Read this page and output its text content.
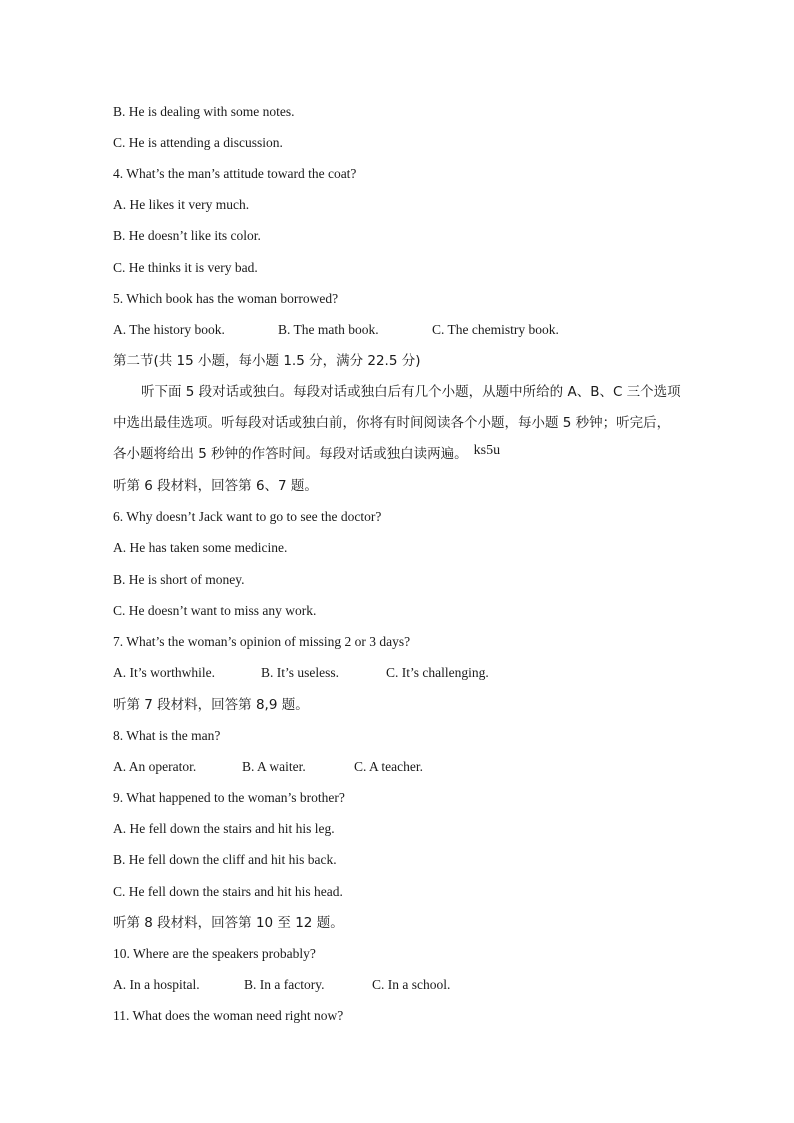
B. He is dealing with some notes.
C. He is attending a discussion.
4. What’s the man’s attitude toward the coat?
A. He likes it very much.
B. He doesn’t like its color.
C. He thinks it is very bad.
5. Which book has the woman borrowed?
A. The history book.	B. The math book.	C. The chemistry book.
第二节(共 15 小题，每小题 1.5 分，满分 22.5 分)
听下面 5 段对话或独白。每段对话或独白后有几个小题，从题中所给的 A、B、C 三个选项中选出最佳选项。听每段对话或独白前，你将有时间阅读各个小题，每小题 5 秒钟；听完后，各小题将给出 5 秒钟的作答时间。每段对话或独白读两遍。 ks5u
听第 6 段材料，回答第 6、7 题。
6. Why doesn’t Jack want to go to see the doctor?
A. He has taken some medicine.
B. He is short of money.
C. He doesn’t want to miss any work.
7. What’s the woman’s opinion of missing 2 or 3 days?
A. It’s worthwhile.	B. It’s useless.	C. It’s challenging.
听第 7 段材料，回答第 8,9 题。
8. What is the man?
A. An operator.	B. A waiter.	C. A teacher.
9. What happened to the woman’s brother?
A. He fell down the stairs and hit his leg.
B. He fell down the cliff and hit his back.
C. He fell down the stairs and hit his head.
听第 8 段材料，回答第 10 至 12 题。
10. Where are the speakers probably?
A. In a hospital.	B. In a factory.	C. In a school.
11. What does the woman need right now?
